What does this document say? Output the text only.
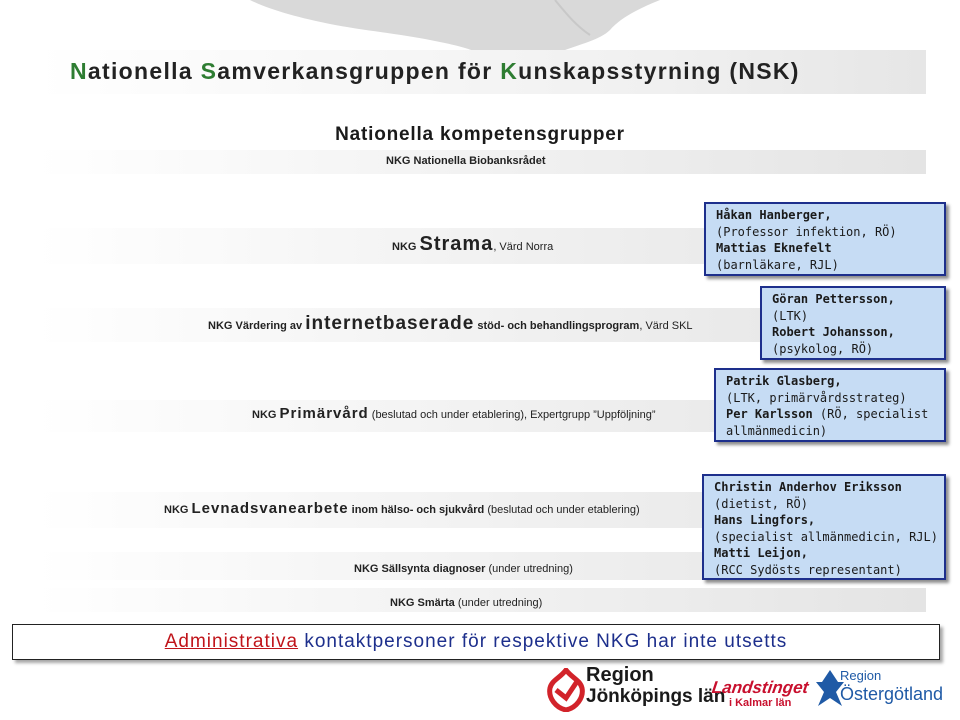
Nationella Samverkansgruppen för Kunskapsstyrning (NSK)
Nationella kompetensgrupper
NKG Nationella Biobanksrådet
NKG Strama, Värd Norra
NKG Värdering av internetbaserade stöd- och behandlingsprogram, Värd SKL
NKG Primärvård (beslutad och under etablering), Expertgrupp ”Uppföljning”
NKG Levnadsvanearbete inom hälso- och sjukvård (beslutad och under etablering)
NKG Sällsynta diagnoser (under utredning)
NKG Smärta (under utredning)
Håkan Hanberger,
(Professor infektion, RÖ)
Mattias Eknefelt
(barnläkare, RJL)
Göran Pettersson,
(LTK)
Robert Johansson,
(psykolog, RÖ)
Patrik Glasberg,
(LTK, primärvårdsstrateg)
Per Karlsson (RÖ, specialist
allmänmedicin)
Christin Anderhov Eriksson
(dietist, RÖ)
Hans Lingfors,
(specialist allmänmedicin, RJL)
Matti Leijon,
(RCC Sydösts representant)
Administrativa kontaktpersoner för respektive NKG har inte utsetts
Region
Jönköpings län
Landstinget
i Kalmar län
Region
Östergötland
